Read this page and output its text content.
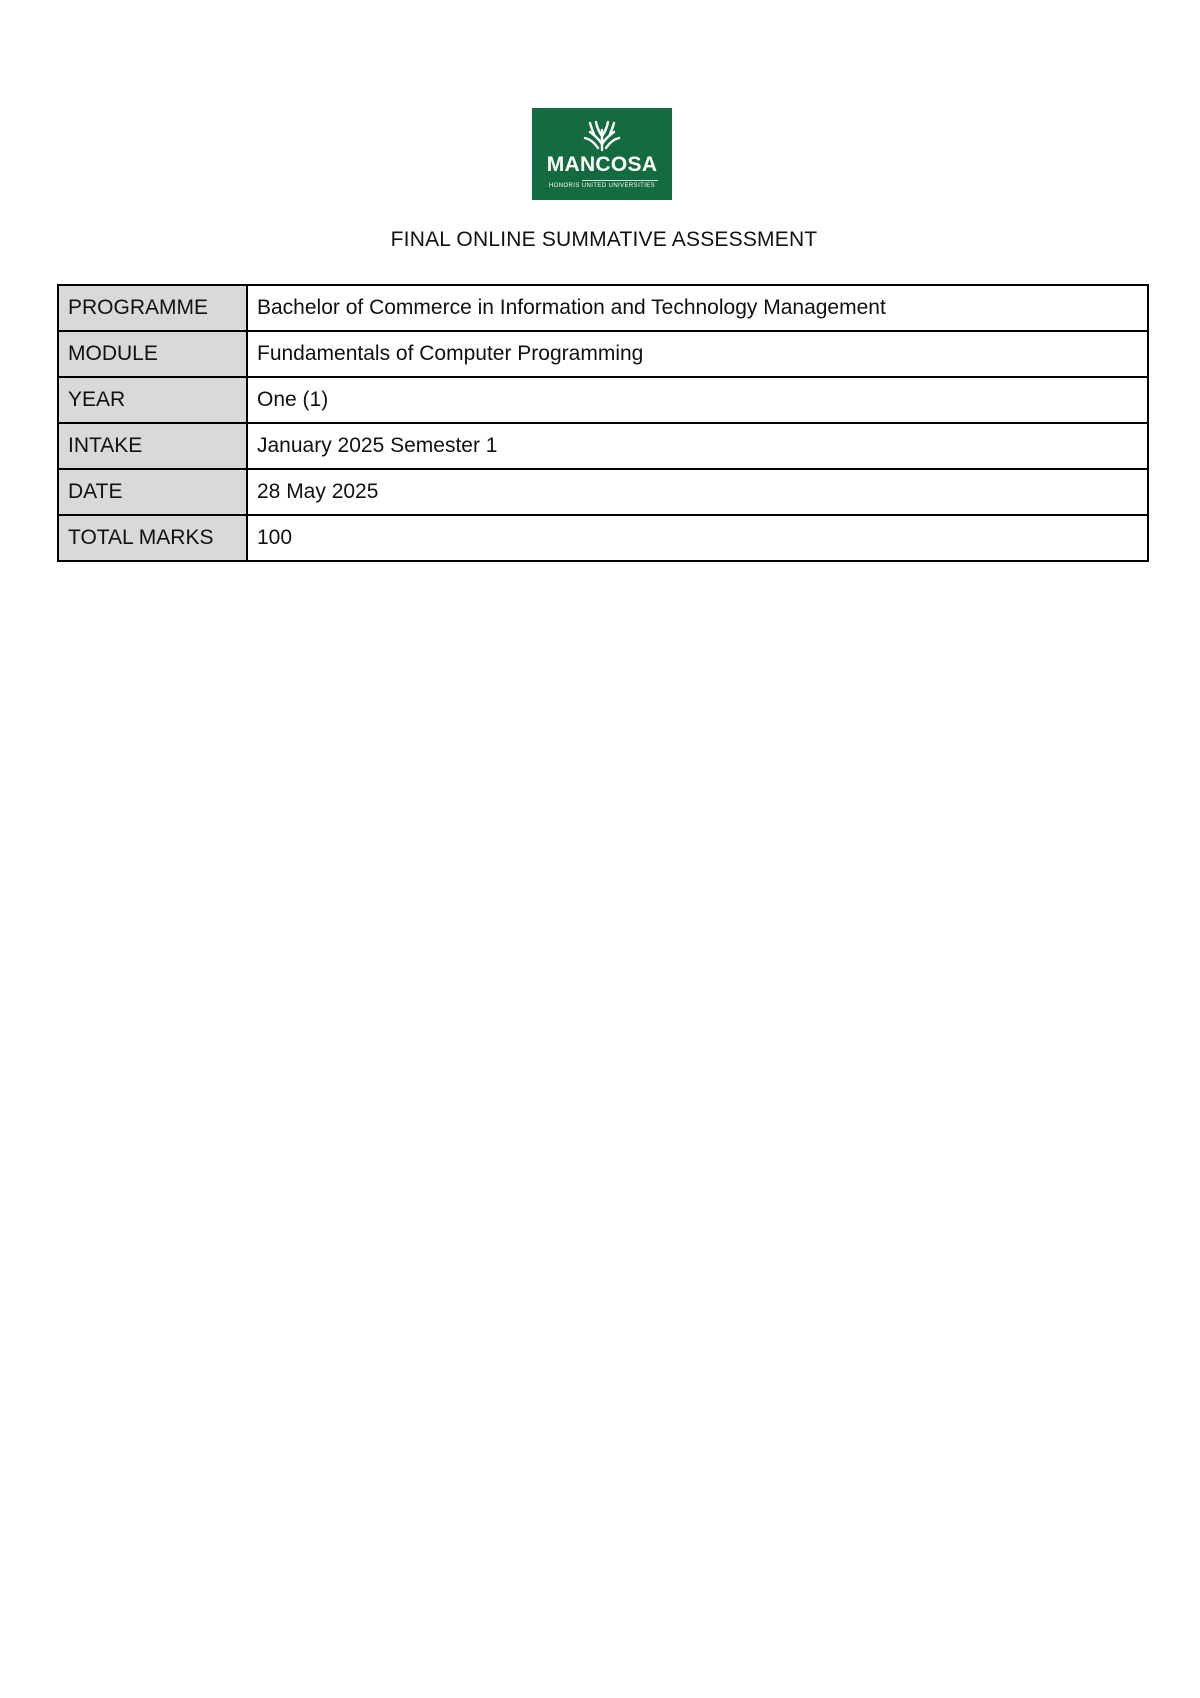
MANCOSA
HONORIS UNITED UNIVERSITIES
FINAL ONLINE SUMMATIVE ASSESSMENT
PROGRAMME	Bachelor of Commerce in Information and Technology Management
MODULE	Fundamentals of Computer Programming
YEAR	One (1)
INTAKE	January 2025 Semester 1
DATE	28 May 2025
TOTAL MARKS	100
